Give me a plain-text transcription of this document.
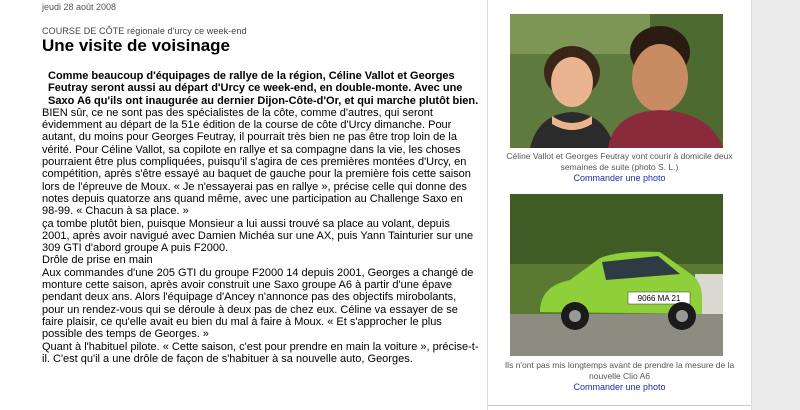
jeudi 28 août 2008
COURSE DE CÔTE régionale d'urcy ce week-end
Une visite de voisinage

Comme beaucoup d'équipages de rallye de la région, Céline Vallot et Georges Feutray seront aussi au départ d'Urcy ce week-end, en double-monte. Avec une Saxo A6 qu'ils ont inaugurée au dernier Dijon-Côte-d'Or, et qui marche plutôt bien.

BIEN sûr, ce ne sont pas des spécialistes de la côte, comme d'autres, qui seront évidemment au départ de la 51e édition de la course de côte d'Urcy dimanche. Pour autant, du moins pour Georges Feutray, il pourrait très bien ne pas être trop loin de la vérité. Pour Céline Vallot, sa copilote en rallye et sa compagne dans la vie, les choses pourraient être plus compliquées, puisqu'il s'agira de ces premières montées d'Urcy, en compétition, après s'être essayé au baquet de gauche pour la première fois cette saison lors de l'épreuve de Moux. « Je n'essayerai pas en rallye », précise celle qui donne des notes depuis quatorze ans quand même, avec une participation au Challenge Saxo en 98-99. « Chacun à sa place. »

ça tombe plutôt bien, puisque Monsieur a lui aussi trouvé sa place au volant, depuis 2001, après avoir navigué avec Damien Michéa sur une AX, puis Yann Tainturier sur une 309 GTI d'abord groupe A puis F2000.

Drôle de prise en main

Aux commandes d'une 205 GTI du groupe F2000 14 depuis 2001, Georges a changé de monture cette saison, après avoir construit une Saxo groupe A6 à partir d'une épave pendant deux ans. Alors l'équipage d'Ancey n'annonce pas des objectifs mirobolants, pour un rendez-vous qui se déroule à deux pas de chez eux. Céline va essayer de se faire plaisir, ce qu'elle avait eu bien du mal à faire à Moux. « Et s'approcher le plus possible des temps de Georges. »

Quant à l'habituel pilote. « Cette saison, c'est pour prendre en main la voiture », précise-t-il. C'est qu'il a une drôle de façon de s'habituer à sa nouvelle auto, Georges.

Céline Vallot et Georges Feutray vont courir à domicile deux semaines de suite (photo S. L.)
Commander une photo
9066 MA 21
Ils n'ont pas mis longtemps avant de prendre la mesure de la nouvelle Clio A6
Commander une photo
